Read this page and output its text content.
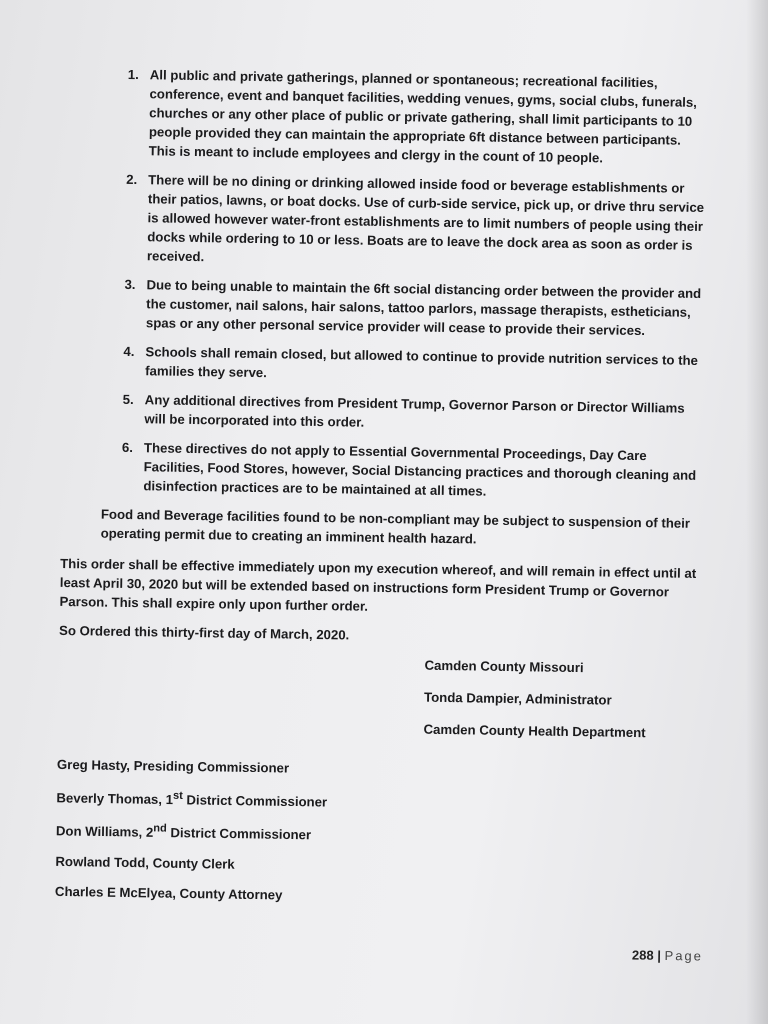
1. All public and private gatherings, planned or spontaneous; recreational facilities, conference, event and banquet facilities, wedding venues, gyms, social clubs, funerals, churches or any other place of public or private gathering, shall limit participants to 10 people provided they can maintain the appropriate 6ft distance between participants. This is meant to include employees and clergy in the count of 10 people.
2. There will be no dining or drinking allowed inside food or beverage establishments or their patios, lawns, or boat docks. Use of curb-side service, pick up, or drive thru service is allowed however water-front establishments are to limit numbers of people using their docks while ordering to 10 or less. Boats are to leave the dock area as soon as order is received.
3. Due to being unable to maintain the 6ft social distancing order between the provider and the customer, nail salons, hair salons, tattoo parlors, massage therapists, estheticians, spas or any other personal service provider will cease to provide their services.
4. Schools shall remain closed, but allowed to continue to provide nutrition services to the families they serve.
5. Any additional directives from President Trump, Governor Parson or Director Williams will be incorporated into this order.
6. These directives do not apply to Essential Governmental Proceedings, Day Care Facilities, Food Stores, however, Social Distancing practices and thorough cleaning and disinfection practices are to be maintained at all times.

Food and Beverage facilities found to be non-compliant may be subject to suspension of their operating permit due to creating an imminent health hazard.

This order shall be effective immediately upon my execution whereof, and will remain in effect until at least April 30, 2020 but will be extended based on instructions form President Trump or Governor Parson. This shall expire only upon further order.

So Ordered this thirty-first day of March, 2020.

Camden County Missouri
Tonda Dampier, Administrator
Camden County Health Department
Greg Hasty, Presiding Commissioner
Beverly Thomas, 1st District Commissioner
Don Williams, 2nd District Commissioner
Rowland Todd, County Clerk
Charles E McElyea, County Attorney
288 | Page
